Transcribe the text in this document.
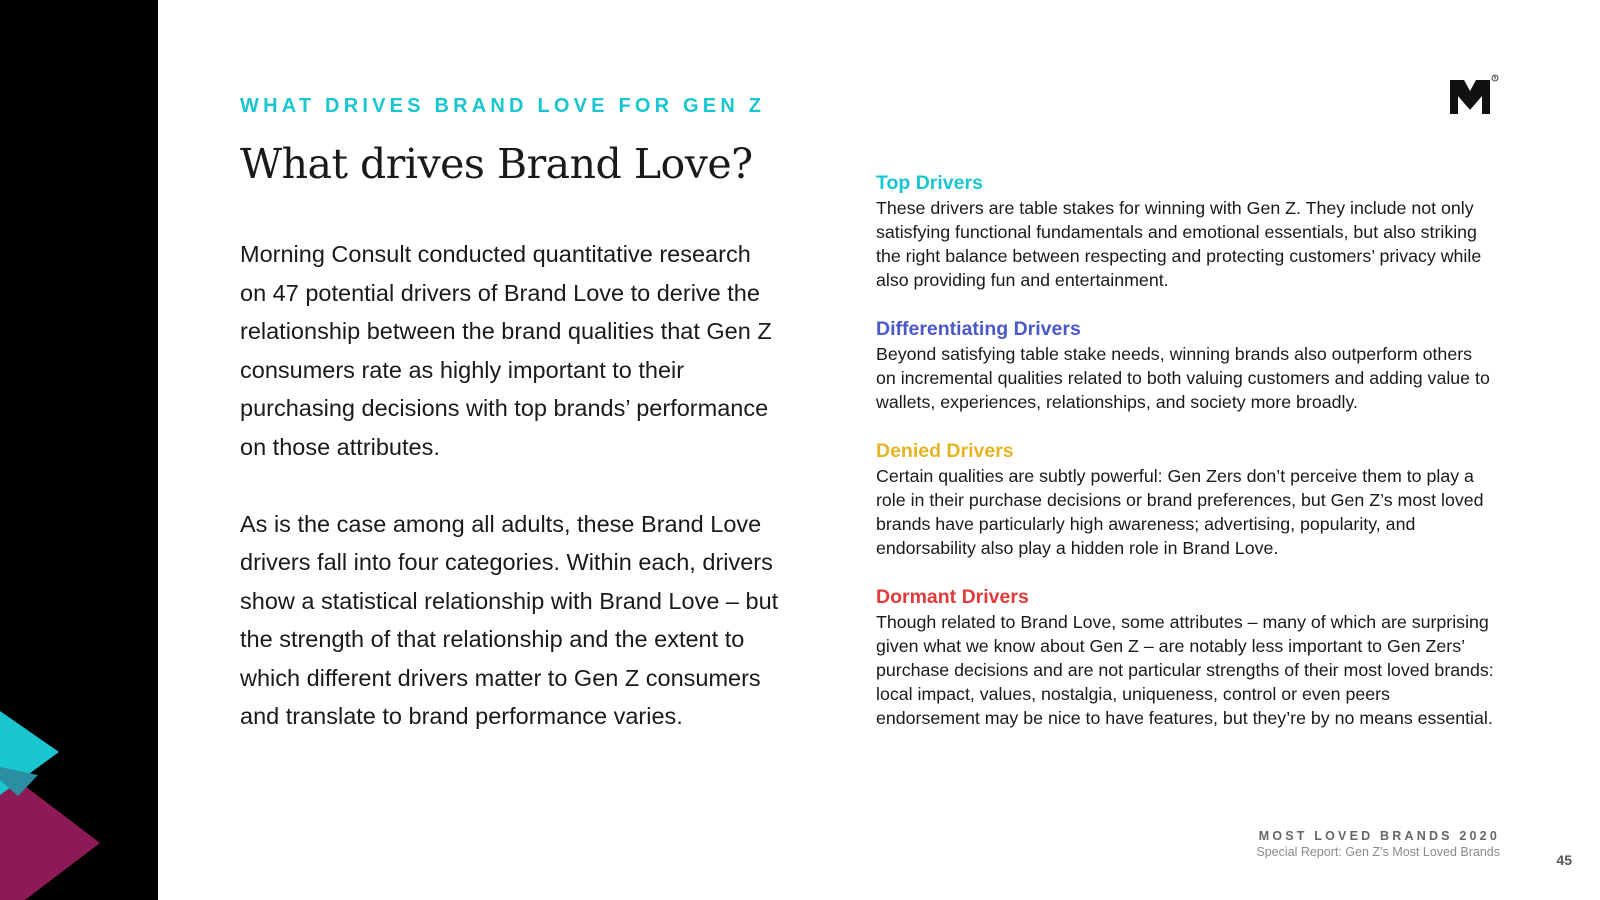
WHAT DRIVES BRAND LOVE FOR GEN Z
What drives Brand Love?
R

Morning Consult conducted quantitative research on 47 potential drivers of Brand Love to derive the relationship between the brand qualities that Gen Z consumers rate as highly important to their purchasing decisions with top brands’ performance on those attributes.

As is the case among all adults, these Brand Love drivers fall into four categories. Within each, drivers show a statistical relationship with Brand Love – but the strength of that relationship and the extent to which different drivers matter to Gen Z consumers and translate to brand performance varies.

Top Drivers
These drivers are table stakes for winning with Gen Z. They include not only satisfying functional fundamentals and emotional essentials, but also striking the right balance between respecting and protecting customers’ privacy while also providing fun and entertainment.
Differentiating Drivers
Beyond satisfying table stake needs, winning brands also outperform others on incremental qualities related to both valuing customers and adding value to wallets, experiences, relationships, and society more broadly.
Denied Drivers
Certain qualities are subtly powerful: Gen Zers don’t perceive them to play a role in their purchase decisions or brand preferences, but Gen Z’s most loved brands have particularly high awareness; advertising, popularity, and endorsability also play a hidden role in Brand Love.
Dormant Drivers
Though related to Brand Love, some attributes – many of which are surprising given what we know about Gen Z – are notably less important to Gen Zers’ purchase decisions and are not particular strengths of their most loved brands: local impact, values, nostalgia, uniqueness, control or even peers endorsement may be nice to have features, but they’re by no means essential.
MOST LOVED BRANDS 2020
Special Report: Gen Z’s Most Loved Brands	45
